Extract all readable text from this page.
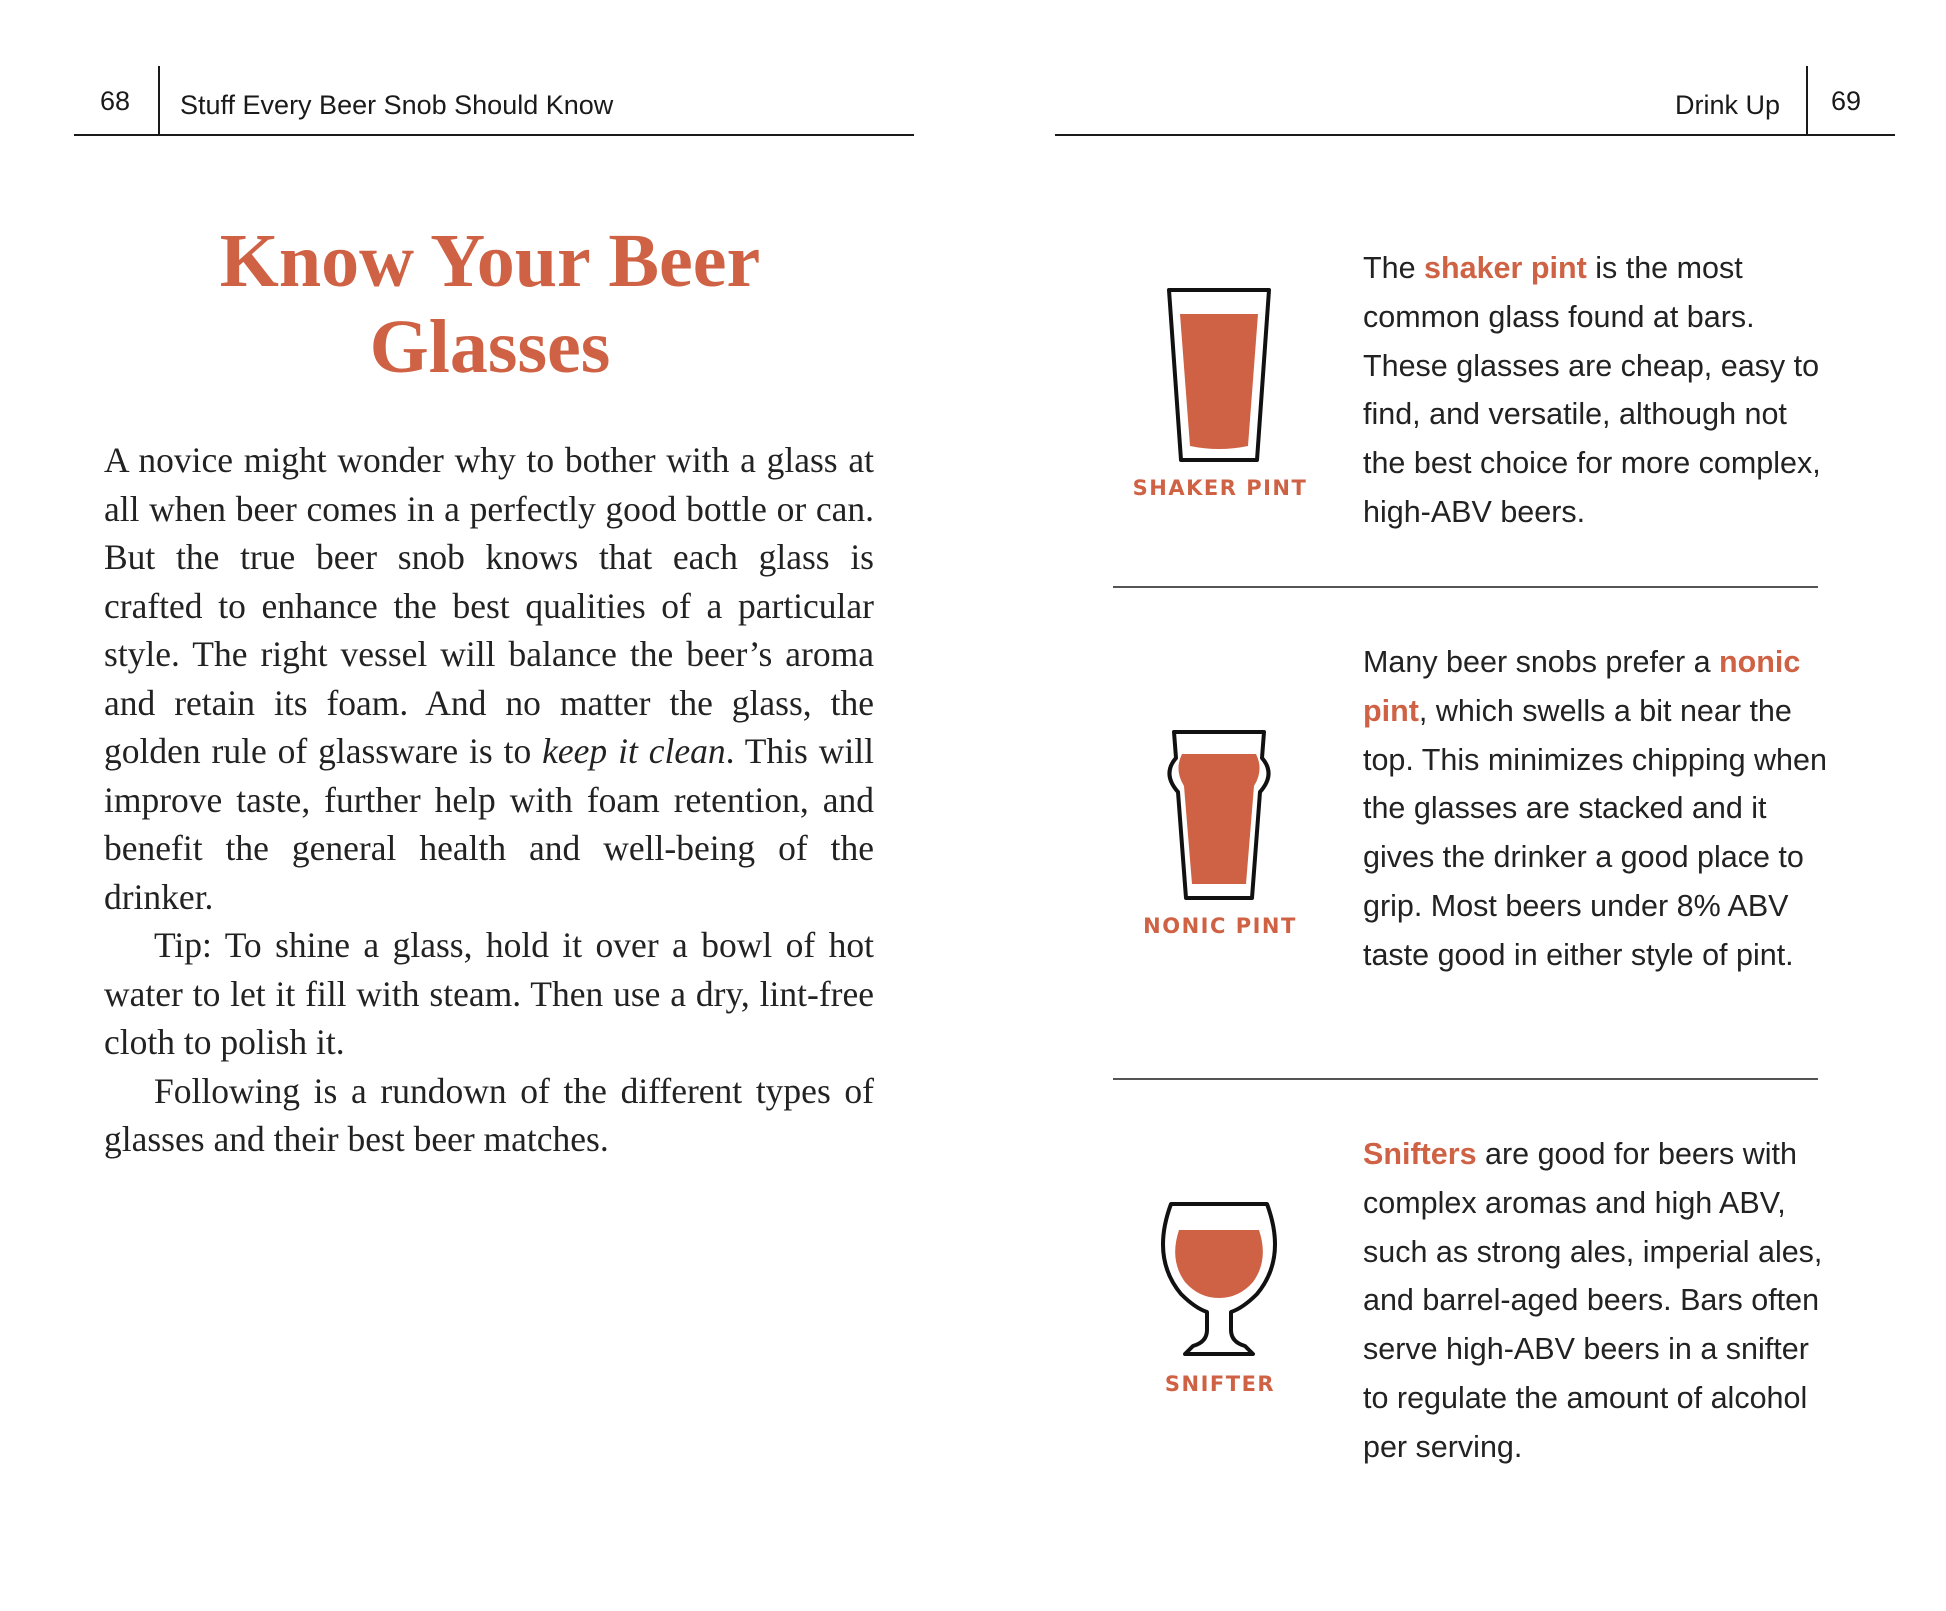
68 Stuff Every Beer Snob Should Know
Know Your Beer Glasses

A novice might wonder why to bother with a glass at all when beer comes in a perfectly good bottle or can. But the true beer snob knows that each glass is crafted to enhance the best qualities of a particular style. The right vessel will balance the beer’s aroma and retain its foam. And no matter the glass, the golden rule of glassware is to keep it clean. This will improve taste, further help with foam retention, and benefit the general health and well-being of the drinker.

Tip: To shine a glass, hold it over a bowl of hot water to let it fill with steam. Then use a dry, lint-free cloth to polish it.

Following is a rundown of the different types of glasses and their best beer matches.

Drink Up 69
SHAKER PINT
The shaker pint is the most common glass found at bars. These glasses are cheap, easy to find, and versatile, although not the best choice for more complex, high-ABV beers.
NONIC PINT
Many beer snobs prefer a nonic pint, which swells a bit near the top. This minimizes chipping when the glasses are stacked and it gives the drinker a good place to grip. Most beers under 8% ABV taste good in either style of pint.
SNIFTER
Snifters are good for beers with complex aromas and high ABV, such as strong ales, imperial ales, and barrel-aged beers. Bars often serve high-ABV beers in a snifter to regulate the amount of alcohol per serving.
